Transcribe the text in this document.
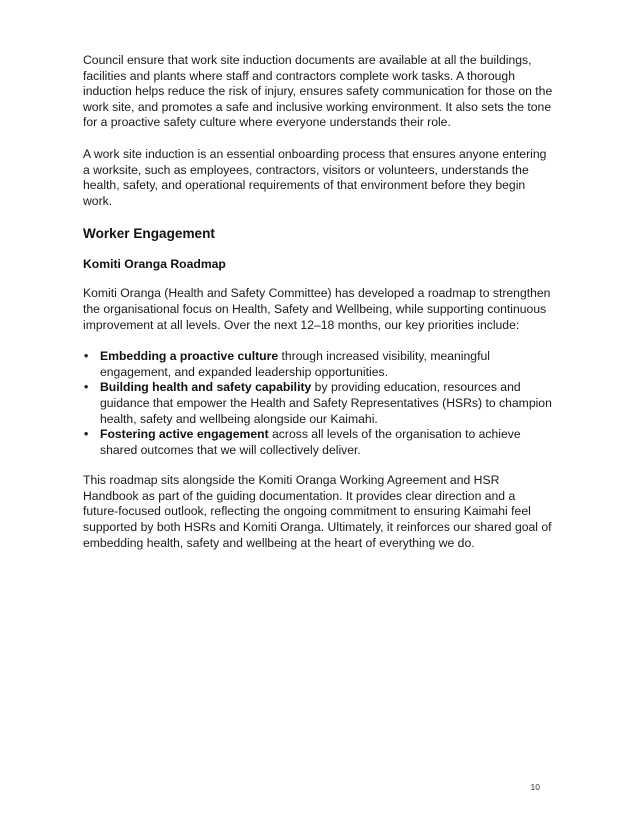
Council ensure that work site induction documents are available at all the buildings, facilities and plants where staff and contractors complete work tasks. A thorough induction helps reduce the risk of injury, ensures safety communication for those on the work site, and promotes a safe and inclusive working environment. It also sets the tone for a proactive safety culture where everyone understands their role.

A work site induction is an essential onboarding process that ensures anyone entering a worksite, such as employees, contractors, visitors or volunteers, understands the health, safety, and operational requirements of that environment before they begin work.

Worker Engagement
Komiti Oranga Roadmap

Komiti Oranga (Health and Safety Committee) has developed a roadmap to strengthen the organisational focus on Health, Safety and Wellbeing, while supporting continuous improvement at all levels. Over the next 12–18 months, our key priorities include:

• Embedding a proactive culture through increased visibility, meaningful engagement, and expanded leadership opportunities.
• Building health and safety capability by providing education, resources and guidance that empower the Health and Safety Representatives (HSRs) to champion health, safety and wellbeing alongside our Kaimahi.
• Fostering active engagement across all levels of the organisation to achieve shared outcomes that we will collectively deliver.

This roadmap sits alongside the Komiti Oranga Working Agreement and HSR Handbook as part of the guiding documentation. It provides clear direction and a future-focused outlook, reflecting the ongoing commitment to ensuring Kaimahi feel supported by both HSRs and Komiti Oranga. Ultimately, it reinforces our shared goal of embedding health, safety and wellbeing at the heart of everything we do.

10
